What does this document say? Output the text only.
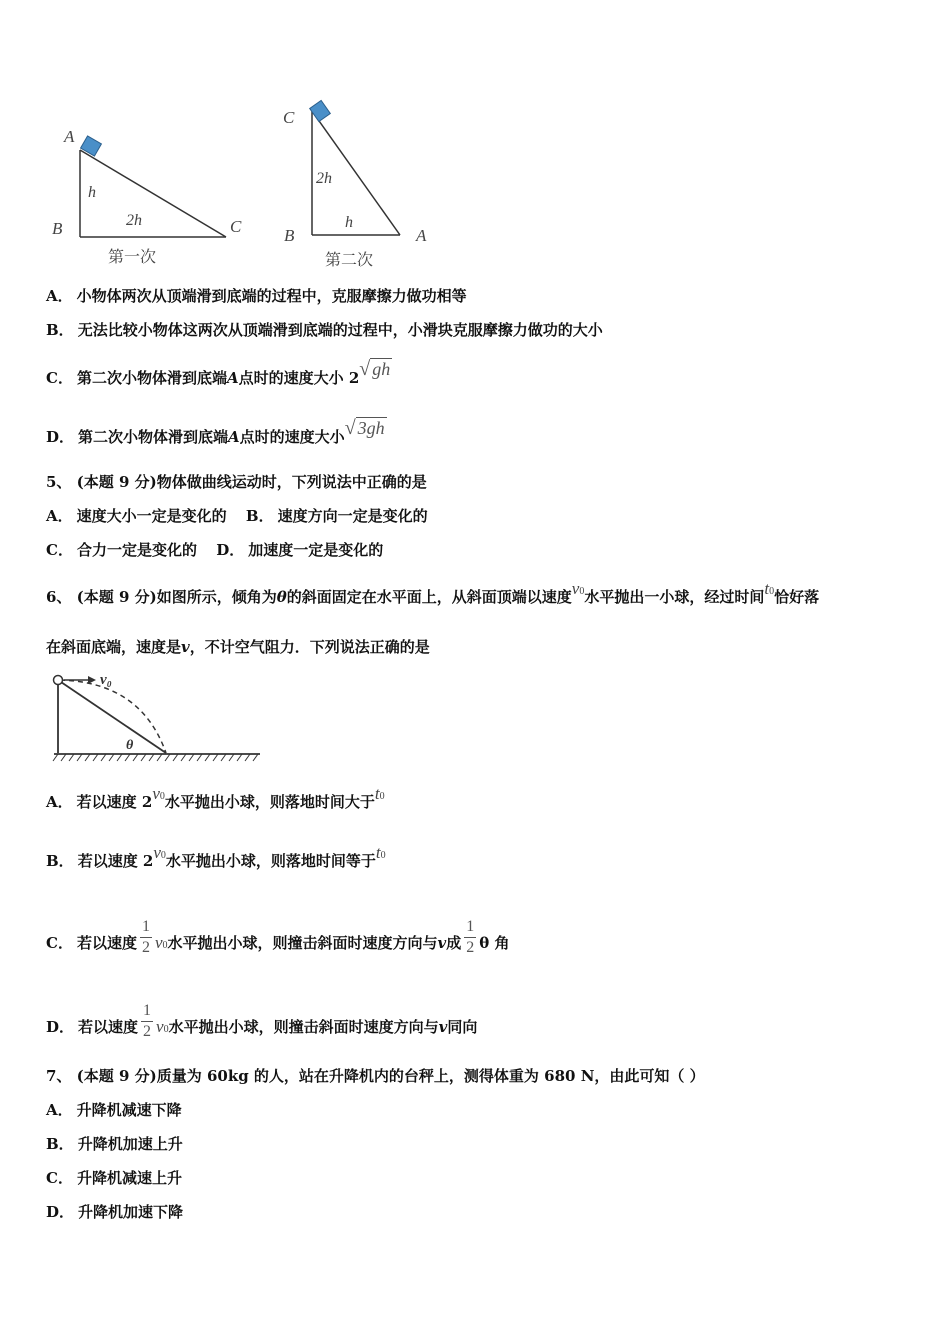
A
B	C
h
2h
第一次
C
B	A
2h
h
第二次
A． 小物体两次从顶端滑到底端的过程中，克服摩擦力做功相等
B． 无法比较小物体这两次从顶端滑到底端的过程中，小滑块克服摩擦力做功的大小
C． 第二次小物体滑到底端A点时的速度大小 2√ gh
D． 第二次小物体滑到底端A点时的速度大小√ 3gh
5、 (本题 9 分)物体做曲线运动时，下列说法中正确的是
A． 速度大小一定是变化的 B． 速度方向一定是变化的
C． 合力一定是变化的 D． 加速度一定是变化的
6、 (本题 9 分)如图所示，倾角为θ的斜面固定在水平面上，从斜面顶端以速度v0水平抛出一小球，经过时间t0恰好落
在斜面底端，速度是v，不计空气阻力．下列说法正确的是
v₀
θ
A． 若以速度 2v0水平抛出小球，则落地时间大于t0
B． 若以速度 2v0水平抛出小球，则落地时间等于t0
C． 若以速度 $\frac{1}{2} v0$水平抛出小球，则撞击斜面时速度方向与v成 $\frac{1}{2}$ θ 角
D． 若以速度 $\frac{1}{2} v0$水平抛出小球，则撞击斜面时速度方向与v同向
7、 (本题 9 分)质量为 60kg 的人，站在升降机内的台秤上，测得体重为 680 N，由此可知（ ）
A． 升降机减速下降
B． 升降机加速上升
C． 升降机减速上升
D． 升降机加速下降
